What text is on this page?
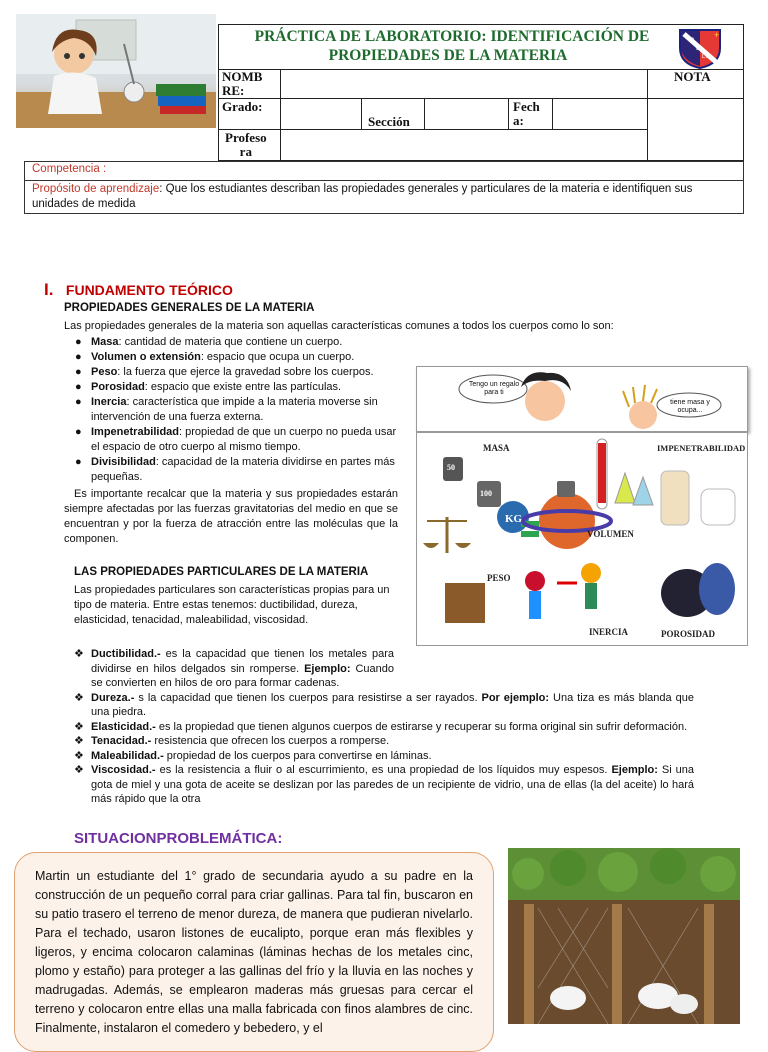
PRÁCTICA DE LABORATORIO: IDENTIFICACIÓN DE
PROPIEDADES DE LA MATERIA
C.
E.
L.
+
NOMB
RE:
NOTA
Grado:
Sección
Fech
a:
Profeso
ra
Competencia :
Propósito de aprendizaje: Que los estudiantes describan las propiedades generales y particulares de la materia e identifiquen sus unidades de medida
I. FUNDAMENTO TEÓRICO
PROPIEDADES GENERALES DE LA MATERIA
Las propiedades generales de la materia son aquellas características comunes a todos los cuerpos como lo son:
● Masa: cantidad de materia que contiene un cuerpo.
● Volumen o extensión: espacio que ocupa un cuerpo.
● Peso: la fuerza que ejerce la gravedad sobre los cuerpos.
● Porosidad: espacio que existe entre las partículas.
● Inercia: característica que impide a la materia moverse sin intervención de una fuerza externa.
● Impenetrabilidad: propiedad de que un cuerpo no pueda usar el espacio de otro cuerpo al mismo tiempo.
● Divisibilidad: capacidad de la materia dividirse en partes más pequeñas.
Es importante recalcar que la materia y sus propiedades estarán siempre afectadas por las fuerzas gravitatorias del medio en que se encuentran y por la fuerza de atracción entre las moléculas que la componen.
LAS PROPIEDADES PARTICULARES DE LA MATERIA
Las propiedades particulares son características propias para un tipo de materia. Entre estas tenemos: ductibilidad, dureza, elasticidad, tenacidad, maleabilidad, viscosidad.
❖ Ductibilidad.- es la capacidad que tienen los metales para dividirse en hilos delgados sin romperse. Ejemplo: Cuando se convierten en hilos de oro para formar cadenas.
❖ Dureza.- s la capacidad que tienen los cuerpos para resistirse a ser rayados. Por ejemplo: Una tiza es más blanda que una piedra.
❖ Elasticidad.- es la propiedad que tienen algunos cuerpos de estirarse y recuperar su forma original sin sufrir deformación.
❖ Tenacidad.- resistencia que ofrecen los cuerpos a romperse.
❖ Maleabilidad.- propiedad de los cuerpos para convertirse en láminas.
❖ Viscosidad.- es la resistencia a fluir o al escurrimiento, es una propiedad de los líquidos muy espesos. Ejemplo: Si una gota de miel y una gota de aceite se deslizan por las paredes de un recipiente de vidrio, una de ellas (la del aceite) lo hará más rápido que la otra
Tengo un regalo para ti
tiene masa y ocupa...
MASA	IMPENETRABILIDAD
VOLUMEN
PESO
INERCIA	POROSIDAD
KG
50
100
SITUACIONPROBLEMÁTICA:
Martin un estudiante del 1° grado de secundaria ayudo a su padre en la construcción de un pequeño corral para criar gallinas. Para tal fin, buscaron en su patio trasero el terreno de menor dureza, de manera que pudieran nivelarlo. Para el techado, usaron listones de eucalipto, porque eran más flexibles y ligeros, y encima colocaron calaminas (láminas hechas de los metales cinc, plomo y estaño) para proteger a las gallinas del frío y la lluvia en las noches y madrugadas. Además, se emplearon maderas más gruesas para cercar el terreno y colocaron entre ellas una malla fabricada con finos alambres de cinc. Finalmente, instalaron el comedero y bebedero, y el
